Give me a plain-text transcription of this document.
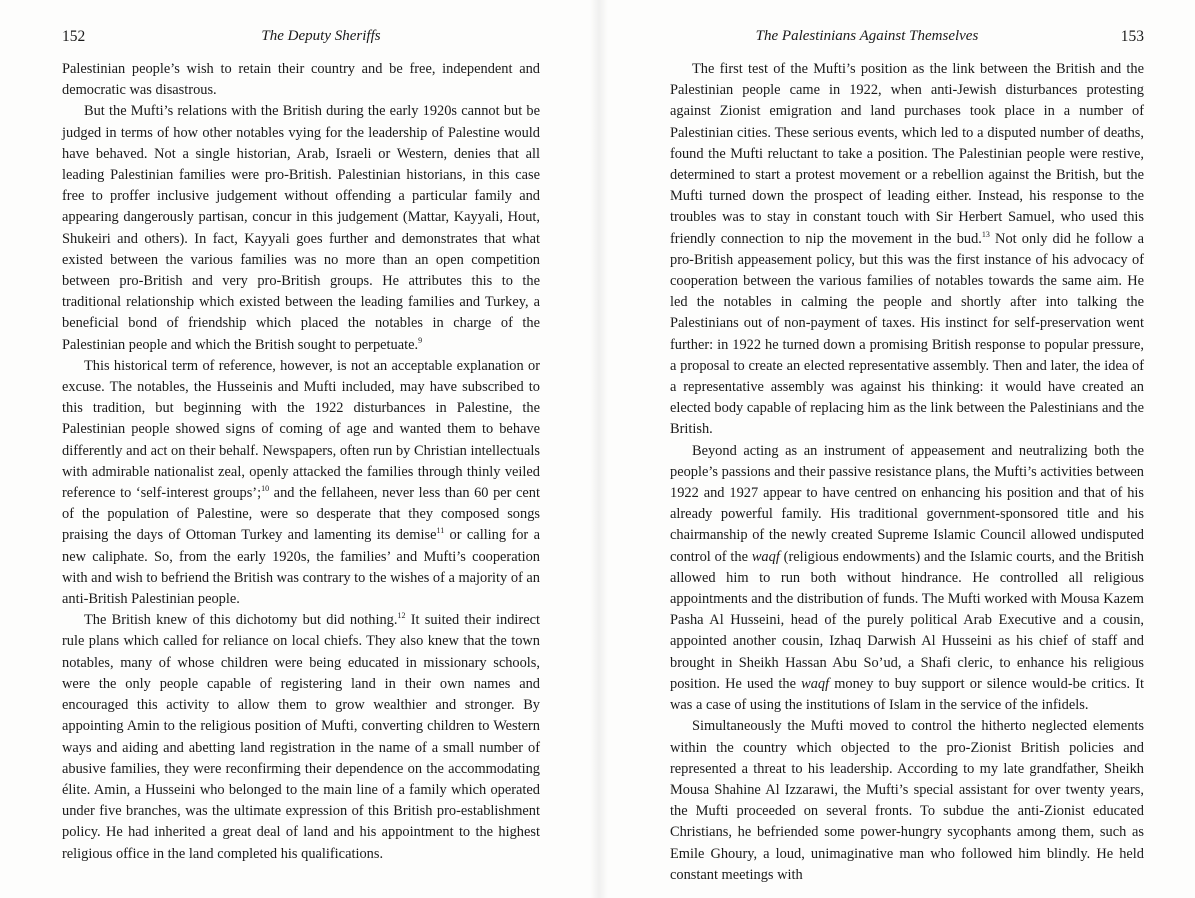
152	The Deputy Sheriffs

Palestinian people’s wish to retain their country and be free, independent and democratic was disastrous.

But the Mufti’s relations with the British during the early 1920s cannot but be judged in terms of how other notables vying for the leadership of Palestine would have behaved. Not a single historian, Arab, Israeli or Western, denies that all leading Palestinian families were pro-British. Palestinian historians, in this case free to proffer inclusive judgement without offending a particular family and appearing dangerously partisan, concur in this judgement (Mattar, Kayyali, Hout, Shukeiri and others). In fact, Kayyali goes further and demonstrates that what existed between the various families was no more than an open competition between pro-British and very pro-British groups. He attributes this to the traditional relationship which existed between the leading families and Turkey, a beneficial bond of friendship which placed the notables in charge of the Palestinian people and which the British sought to perpetuate.$^9$

This historical term of reference, however, is not an acceptable explanation or excuse. The notables, the Husseinis and Mufti included, may have subscribed to this tradition, but beginning with the 1922 disturbances in Palestine, the Palestinian people showed signs of coming of age and wanted them to behave differently and act on their behalf. Newspapers, often run by Christian intellectuals with admirable nationalist zeal, openly attacked the families through thinly veiled reference to ‘self-interest groups’;$^{10}$ and the fellaheen, never less than 60 per cent of the population of Palestine, were so desperate that they composed songs praising the days of Ottoman Turkey and lamenting its demise$^{11}$ or calling for a new caliphate. So, from the early 1920s, the families’ and Mufti’s cooperation with and wish to befriend the British was contrary to the wishes of a majority of an anti-British Palestinian people.

The British knew of this dichotomy but did nothing.$^{12}$ It suited their indirect rule plans which called for reliance on local chiefs. They also knew that the town notables, many of whose children were being educated in missionary schools, were the only people capable of registering land in their own names and encouraged this activity to allow them to grow wealthier and stronger. By appointing Amin to the religious position of Mufti, converting children to Western ways and aiding and abetting land registration in the name of a small number of abusive families, they were reconfirming their dependence on the accommodating élite. Amin, a Husseini who belonged to the main line of a family which operated under five branches, was the ultimate expression of this British pro-establishment policy. He had inherited a great deal of land and his appointment to the highest religious office in the land completed his qualifications.

The Palestinians Against Themselves	153

The first test of the Mufti’s position as the link between the British and the Palestinian people came in 1922, when anti-Jewish disturbances protesting against Zionist emigration and land purchases took place in a number of Palestinian cities. These serious events, which led to a disputed number of deaths, found the Mufti reluctant to take a position. The Palestinian people were restive, determined to start a protest movement or a rebellion against the British, but the Mufti turned down the prospect of leading either. Instead, his response to the troubles was to stay in constant touch with Sir Herbert Samuel, who used this friendly connection to nip the movement in the bud.$^{13}$ Not only did he follow a pro-British appeasement policy, but this was the first instance of his advocacy of cooperation between the various families of notables towards the same aim. He led the notables in calming the people and shortly after into talking the Palestinians out of non-payment of taxes. His instinct for self-preservation went further: in 1922 he turned down a promising British response to popular pressure, a proposal to create an elected representative assembly. Then and later, the idea of a representative assembly was against his thinking: it would have created an elected body capable of replacing him as the link between the Palestinians and the British.

Beyond acting as an instrument of appeasement and neutralizing both the people’s passions and their passive resistance plans, the Mufti’s activities between 1922 and 1927 appear to have centred on enhancing his position and that of his already powerful family. His traditional government-sponsored title and his chairmanship of the newly created Supreme Islamic Council allowed undisputed control of the waqf (religious endowments) and the Islamic courts, and the British allowed him to run both without hindrance. He controlled all religious appointments and the distribution of funds. The Mufti worked with Mousa Kazem Pasha Al Husseini, head of the purely political Arab Executive and a cousin, appointed another cousin, Izhaq Darwish Al Husseini as his chief of staff and brought in Sheikh Hassan Abu So’ud, a Shafi cleric, to enhance his religious position. He used the waqf money to buy support or silence would-be critics. It was a case of using the institutions of Islam in the service of the infidels.

Simultaneously the Mufti moved to control the hitherto neglected elements within the country which objected to the pro-Zionist British policies and represented a threat to his leadership. According to my late grandfather, Sheikh Mousa Shahine Al Izzarawi, the Mufti’s special assistant for over twenty years, the Mufti proceeded on several fronts. To subdue the anti-Zionist educated Christians, he befriended some power-hungry sycophants among them, such as Emile Ghoury, a loud, unimaginative man who followed him blindly. He held constant meetings with
